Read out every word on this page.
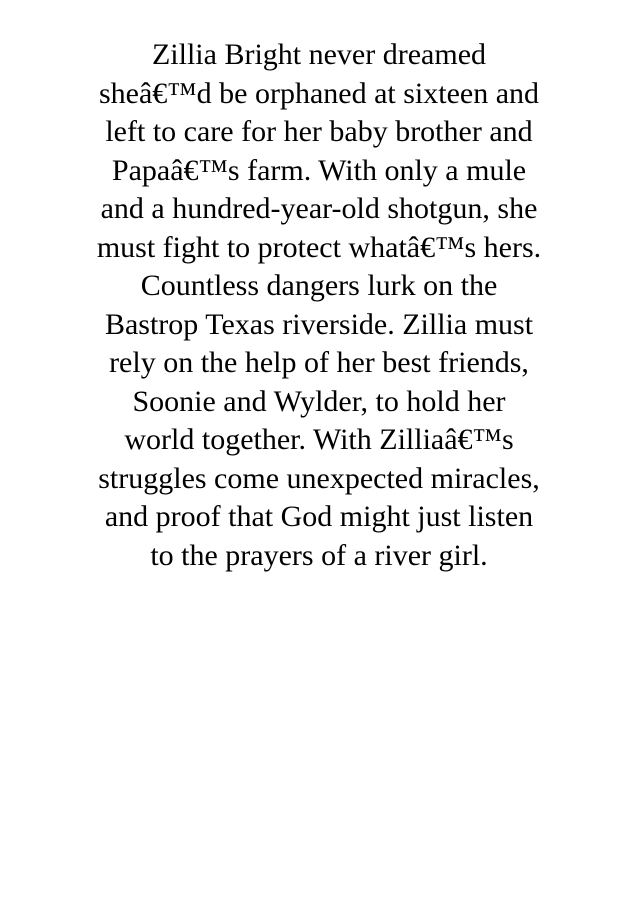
Zillia Bright never dreamed
sheâ€™d be orphaned at sixteen and
left to care for her baby brother and
Papaâ€™s farm. With only a mule
and a hundred-year-old shotgun, she
must fight to protect whatâ€™s hers.
Countless dangers lurk on the
Bastrop Texas riverside. Zillia must
rely on the help of her best friends,
Soonie and Wylder, to hold her
world together. With Zilliaâ€™s
struggles come unexpected miracles,
and proof that God might just listen
to the prayers of a river girl.
